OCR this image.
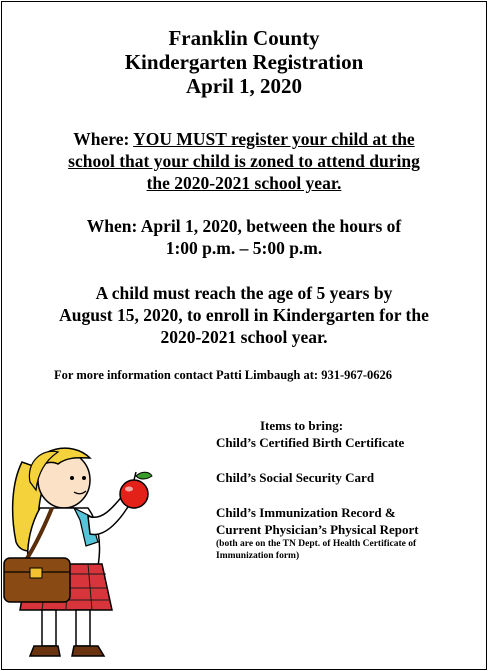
Franklin County
Kindergarten Registration
April 1, 2020
Where: YOU MUST register your child at the
school that your child is zoned to attend during
the 2020-2021 school year.
When: April 1, 2020, between the hours of
1:00 p.m. – 5:00 p.m.
A child must reach the age of 5 years by
August 15, 2020, to enroll in Kindergarten for the
2020-2021 school year.
For more information contact Patti Limbaugh at: 931-967-0626
Items to bring:
Child’s Certified Birth Certificate
Child’s Social Security Card
Child’s Immunization Record &
Current Physician’s Physical Report
(both are on the TN Dept. of Health Certificate of
Immunization form)
